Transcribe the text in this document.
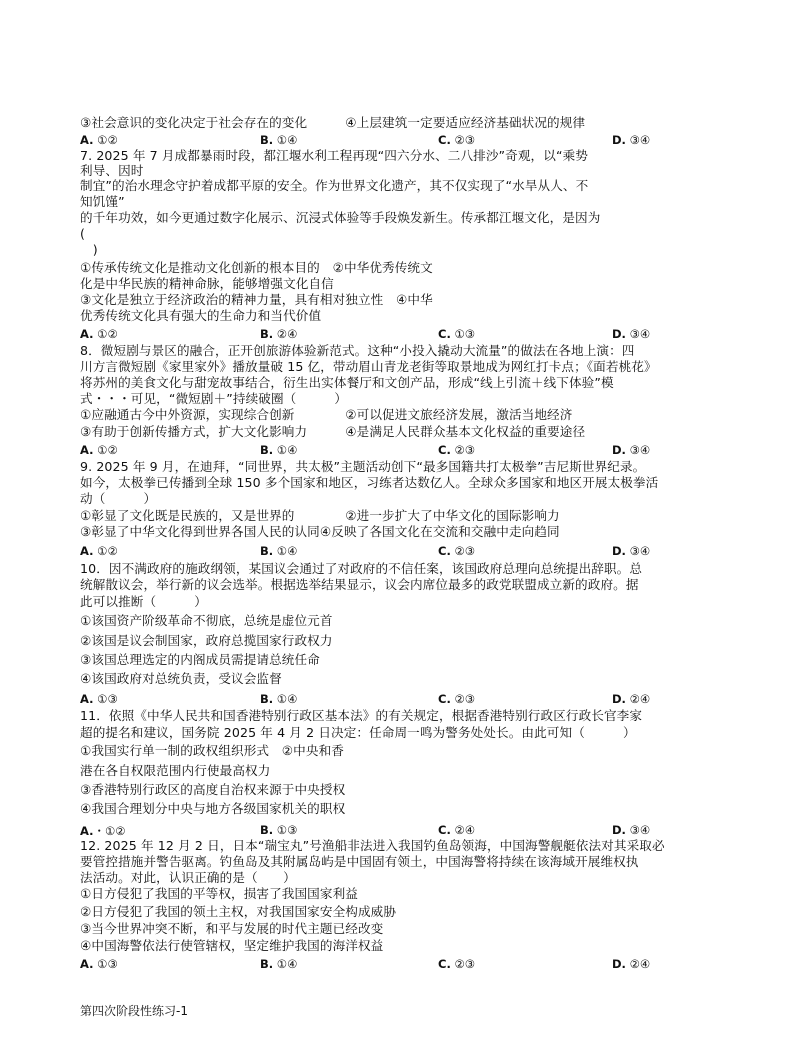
③社会意识的变化决定于社会存在的变化　　　④上层建筑一定要适应经济基础状况的规律
A. ①②	B. ①④	C. ②③	D. ③④
7. 2025 年 7 月成都暴雨时段，都江堰水利工程再现“四六分水、二八排沙”奇观，以“乘势
利导、因时
制宜”的治水理念守护着成都平原的安全。作为世界文化遗产，其不仅实现了“水旱从人、不
知饥馑”
的千年功效，如今更通过数字化展示、沉浸式体验等手段焕发新生。传承都江堰文化，是因为
(
　)
①传承传统文化是推动文化创新的根本目的　②中华优秀传统文
化是中华民族的精神命脉，能够增强文化自信
③文化是独立于经济政治的精神力量，具有相对独立性　④中华
优秀传统文化具有强大的生命力和当代价值
A. ①②	B. ②④	C. ①③	D. ③④
8．微短剧与景区的融合，正开创旅游体验新范式。这种“小投入撬动大流量”的做法在各地上演：四
川方言微短剧《家里家外》播放量破 15 亿，带动眉山青龙老街等取景地成为网红打卡点；《面若桃花》
将苏州的美食文化与甜宠故事结合，衍生出实体餐厅和文创产品，形成“线上引流＋线下体验”模
式・・・可见，“微短剧＋”持续破圈（　　　）
①应融通古今中外资源，实现综合创新　　　　②可以促进文旅经济发展，激活当地经济
③有助于创新传播方式，扩大文化影响力　　　④是满足人民群众基本文化权益的重要途径
A. ①②	B. ①④	C. ②③	D. ③④
9. 2025 年 9 月，在迪拜，“同世界，共太极”主题活动创下“最多国籍共打太极拳”吉尼斯世界纪录。
如今，太极拳已传播到全球 150 多个国家和地区，习练者达数亿人。全球众多国家和地区开展太极拳活
动（　　　）
①彰显了文化既是民族的，又是世界的　　　　②进一步扩大了中华文化的国际影响力
③彰显了中华文化得到世界各国人民的认同④反映了各国文化在交流和交融中走向趋同
A. ①②	B. ①④	C. ②③	D. ③④
10．因不满政府的施政纲领，某国议会通过了对政府的不信任案，该国政府总理向总统提出辞职。总
统解散议会，举行新的议会选举。根据选举结果显示，议会内席位最多的政党联盟成立新的政府。据
此可以推断（　　　）
①该国资产阶级革命不彻底，总统是虚位元首
②该国是议会制国家，政府总揽国家行政权力
③该国总理选定的内阁成员需提请总统任命
④该国政府对总统负责，受议会监督
A. ①③	B. ①④	C. ②③	D. ②④
11．依照《中华人民共和国香港特别行政区基本法》的有关规定，根据香港特别行政区行政长官李家
超的提名和建议，国务院 2025 年 4 月 2 日决定：任命周一鸣为警务处处长。由此可知（　　　）
①我国实行单一制的政权组织形式　②中央和香
港在各自权限范围内行使最高权力
③香港特别行政区的高度自治权来源于中央授权
④我国合理划分中央与地方各级国家机关的职权
A.・①②	B. ①③	C. ②④	D. ③④
12. 2025 年 12 月 2 日，日本“瑞宝丸”号渔船非法进入我国钓鱼岛领海，中国海警舰艇依法对其采取必
要管控措施并警告驱离。钓鱼岛及其附属岛屿是中国固有领土，中国海警将持续在该海域开展维权执
法活动。对此，认识正确的是（　　）
①日方侵犯了我国的平等权，损害了我国国家利益
②日方侵犯了我国的领土主权，对我国国家安全构成威胁
③当今世界冲突不断，和平与发展的时代主题已经改变
④中国海警依法行使管辖权，坚定维护我国的海洋权益
A. ①③	B. ①④	C. ②③	D. ②④
第四次阶段性练习-1
